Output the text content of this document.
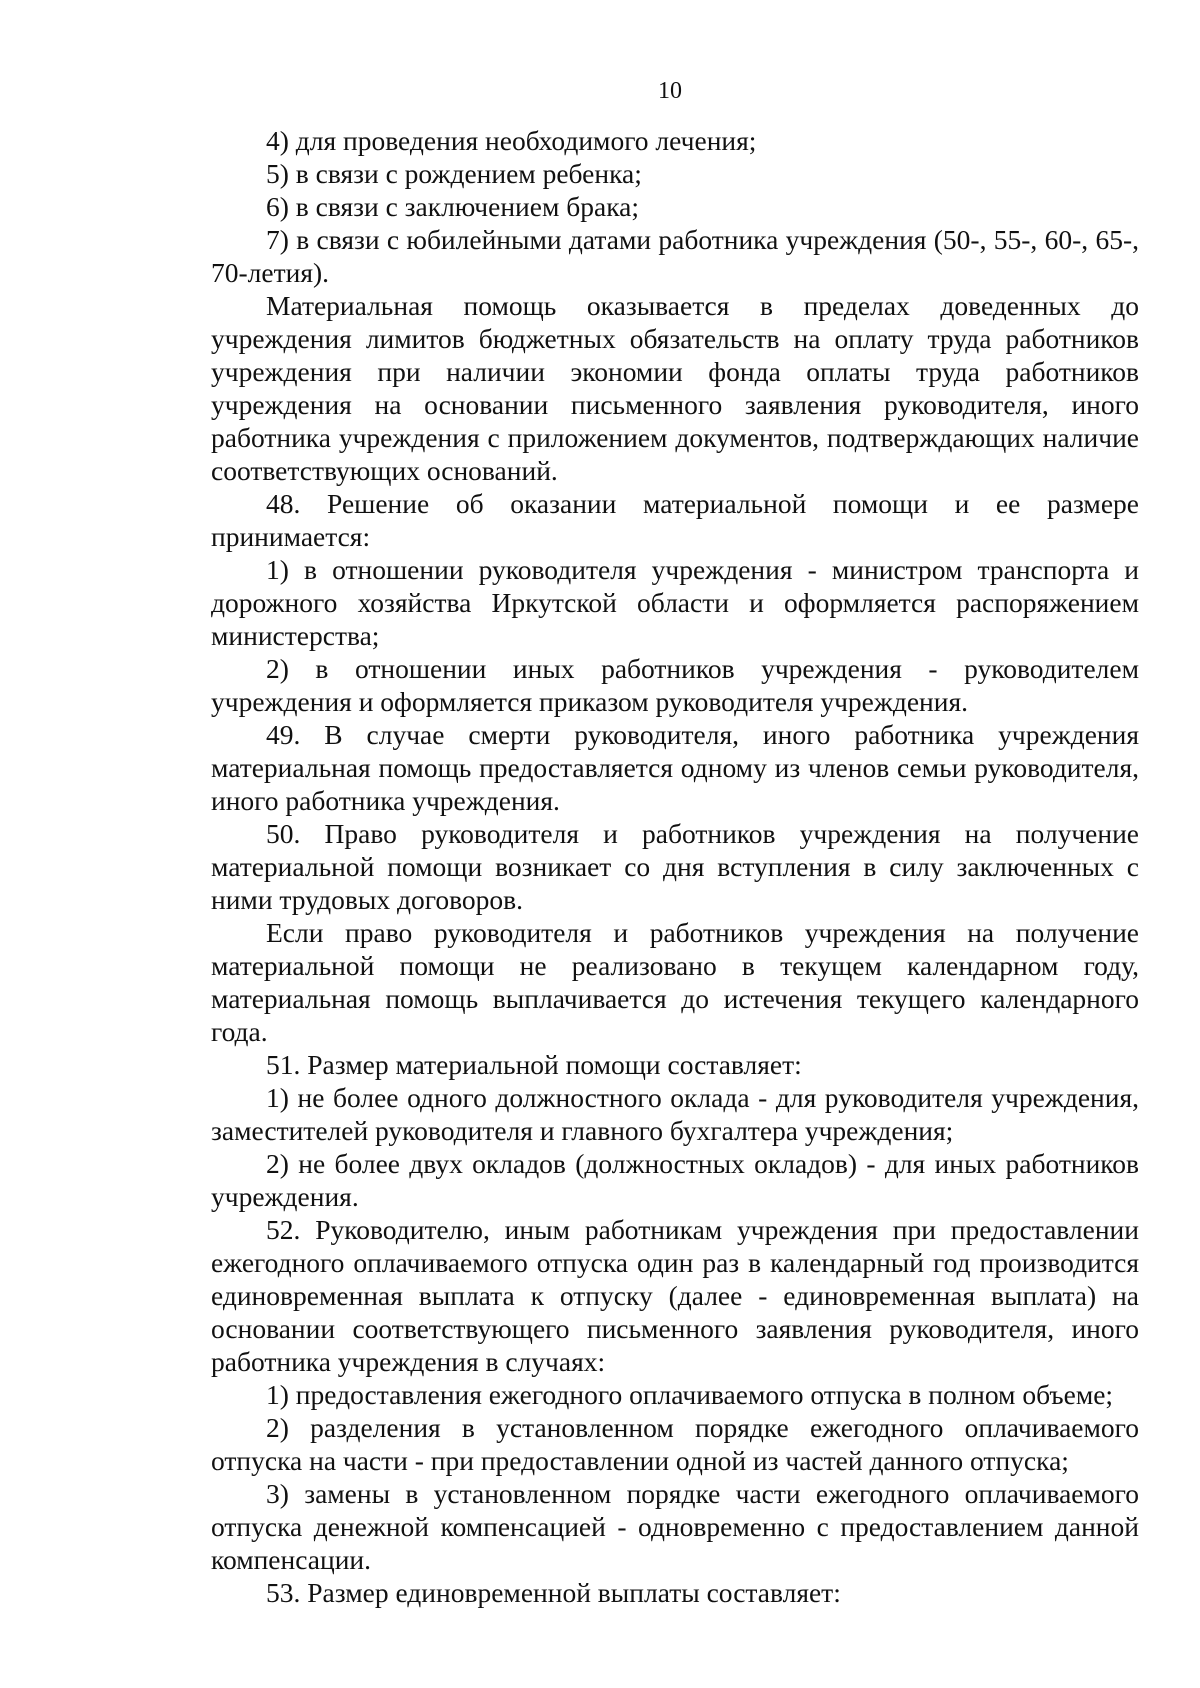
10

4) для проведения необходимого лечения;

5) в связи с рождением ребенка;

6) в связи с заключением брака;

7) в связи с юбилейными датами работника учреждения (50-, 55-, 60-, 65-, 70-летия).

Материальная помощь оказывается в пределах доведенных до учреждения лимитов бюджетных обязательств на оплату труда работников учреждения при наличии экономии фонда оплаты труда работников учреждения на основании письменного заявления руководителя, иного работника учреждения с приложением документов, подтверждающих наличие соответствующих оснований.

48. Решение об оказании материальной помощи и ее размере принимается:

1) в отношении руководителя учреждения - министром транспорта и дорожного хозяйства Иркутской области и оформляется распоряжением министерства;

2) в отношении иных работников учреждения - руководителем учреждения и оформляется приказом руководителя учреждения.

49. В случае смерти руководителя, иного работника учреждения материальная помощь предоставляется одному из членов семьи руководителя, иного работника учреждения.

50. Право руководителя и работников учреждения на получение материальной помощи возникает со дня вступления в силу заключенных с ними трудовых договоров.

Если право руководителя и работников учреждения на получение материальной помощи не реализовано в текущем календарном году, материальная помощь выплачивается до истечения текущего календарного года.

51. Размер материальной помощи составляет:

1) не более одного должностного оклада - для руководителя учреждения, заместителей руководителя и главного бухгалтера учреждения;

2) не более двух окладов (должностных окладов) - для иных работников учреждения.

52. Руководителю, иным работникам учреждения при предоставлении ежегодного оплачиваемого отпуска один раз в календарный год производится единовременная выплата к отпуску (далее - единовременная выплата) на основании соответствующего письменного заявления руководителя, иного работника учреждения в случаях:

1) предоставления ежегодного оплачиваемого отпуска в полном объеме;

2) разделения в установленном порядке ежегодного оплачиваемого отпуска на части - при предоставлении одной из частей данного отпуска;

3) замены в установленном порядке части ежегодного оплачиваемого отпуска денежной компенсацией - одновременно с предоставлением данной компенсации.

53. Размер единовременной выплаты составляет:
